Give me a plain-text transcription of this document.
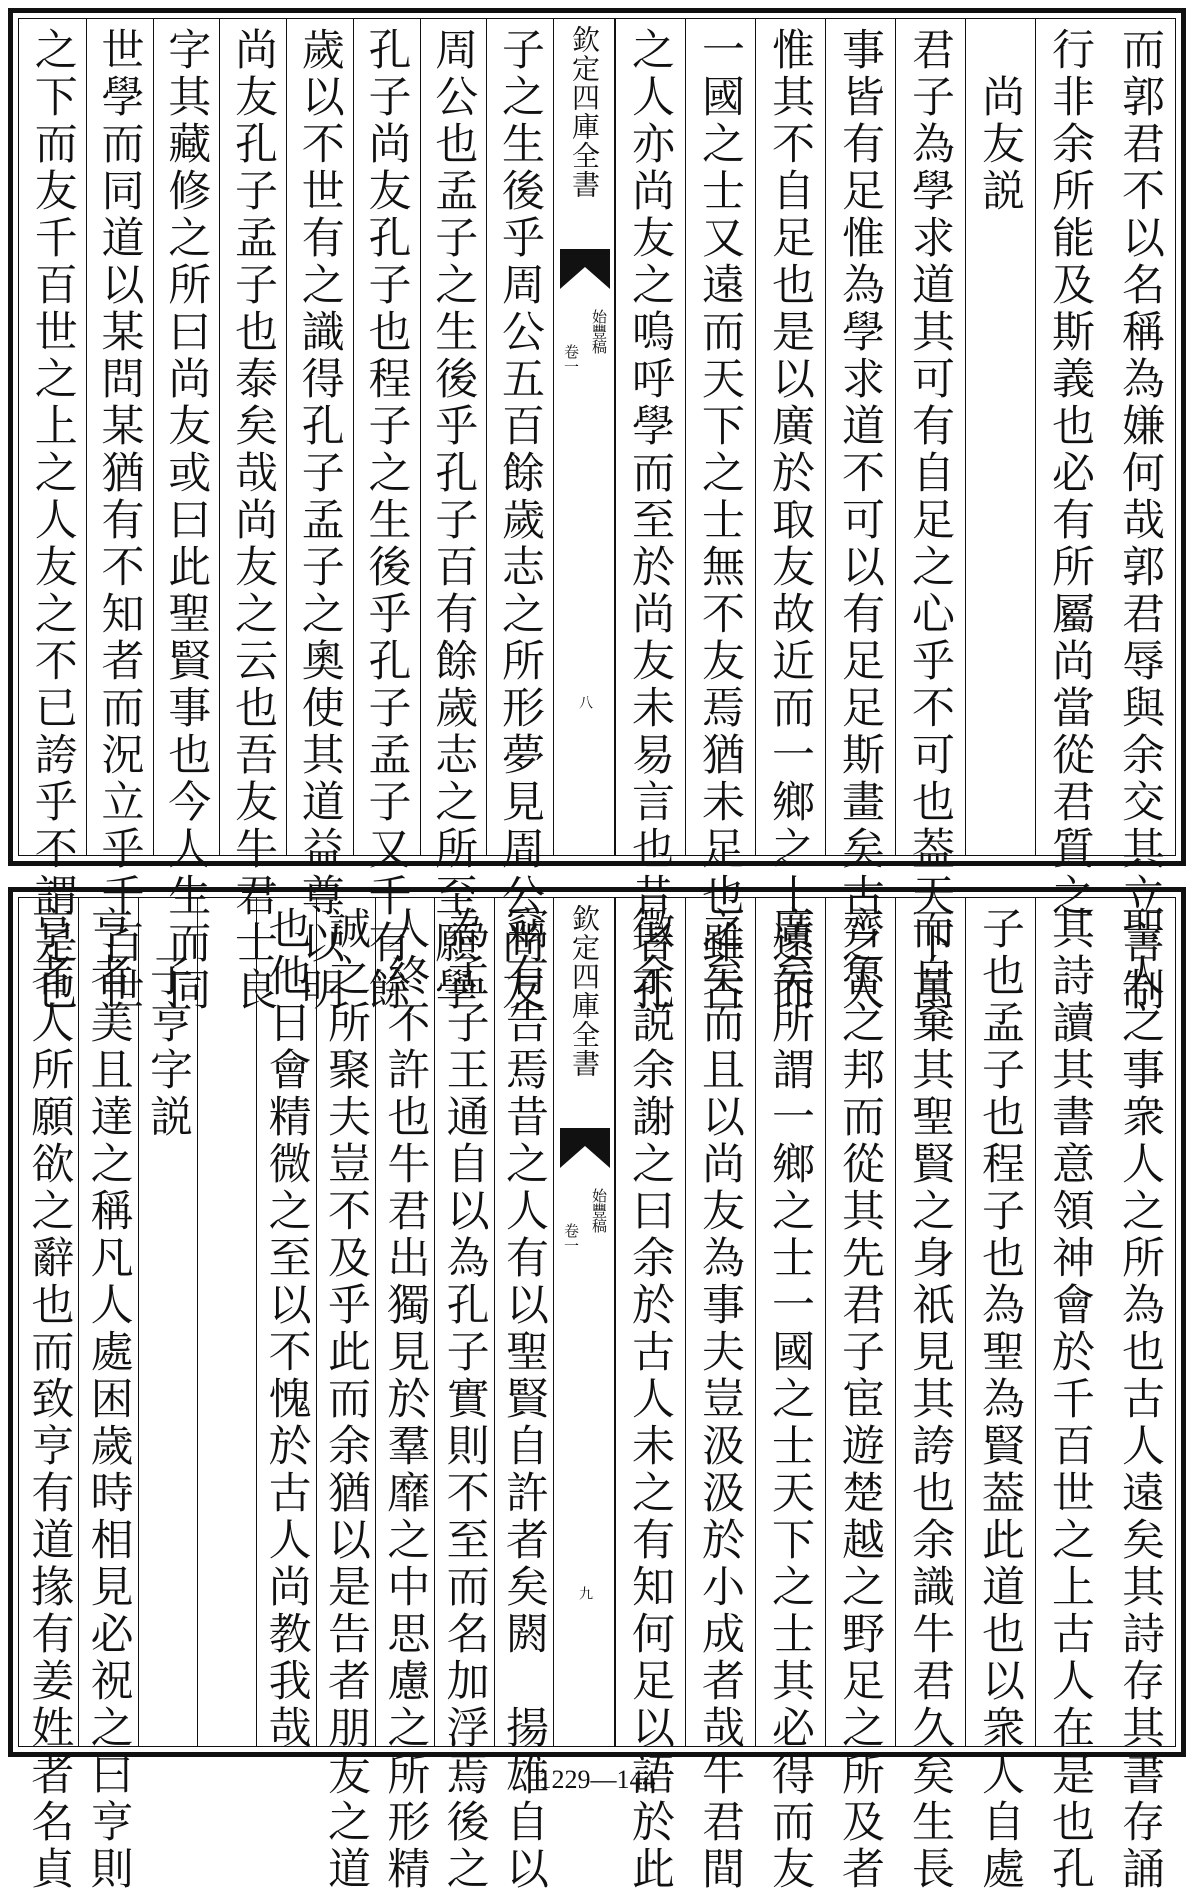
而郭君不以名稱為嫌何哉郭君辱與余交其立言制
行非余所能及斯義也必有所屬尚當從君質之
　尚友説
君子為學求道其可有自足之心乎不可也葢天下萬
事皆有足惟為學求道不可以有足足斯畫矣古之人
惟其不自足也是以廣於取友故近而一鄉之士遠而
一國之士又遠而天下之士無不友焉猶未足也雖古
之人亦尚友之嗚呼學而至於尚友未易言也昔者孔
欽定四庫全書
始豐稿
卷一
八
子之生後乎周公五百餘歲志之所形夢見周公尚友
周公也孟子之生後乎孔子百有餘歲志之所至願學
孔子尚友孔子也程子之生後乎孔子孟子又千有餘
歲以不世有之識得孔子孟子之奧使其道益尊以明
尚友孔子孟子也泰矣哉尚友之云也吾友牛君士良
字其藏修之所曰尚友或曰此聖賢事也今人生而同
世學而同道以某問某猶有不知者而況立乎千百世
之下而友千百世之上之人友之不已誇乎不謂是也
聖人之事衆人之所為也古人遠矣其詩存其書存誦
其詩讀其書意領神會於千百世之上古人在是也孔
子也孟子也程子也為聖為賢葢此道也以衆人自處
而自棄其聖賢之身祇見其誇也余識牛君久矣生長
齊魯之邦而從其先君子宦遊楚越之野足之所及者
廣矣所謂一鄉之士一國之士天下之士其必得而友
之矣而且以尚友為事夫豈汲汲於小成者哉牛君間
徵余説余謝之曰余於古人未之有知何足以語於此
欽定四庫全書
始豐稿
卷一
九
竊有告焉昔之人有以聖賢自許者矣閼　揚雄自以
為孟子王通自以為孔子實則不至而名加浮焉後之
人終不許也牛君出獨見於羣靡之中思慮之所形精
誠之所聚夫豈不及乎此而余猶以是告者朋友之道
也他日會精微之至以不愧於古人尚教我哉
　子亨字説
亨者美且達之稱凡人處困歲時相見必祝之曰亨則
亨者人所願欲之辭也而致亨有道掾有姜姓者名貞	1229—144
